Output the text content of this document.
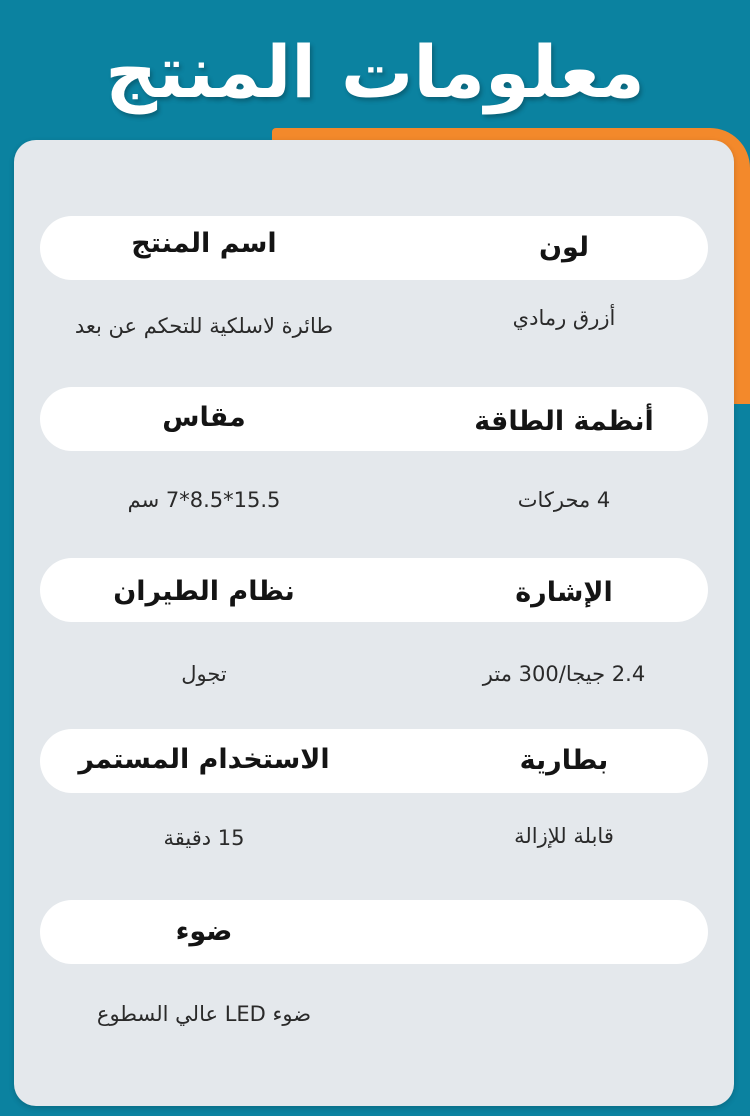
معلومات المنتج
لون
اسم المنتج
أزرق رمادي
طائرة لاسلكية للتحكم عن بعد
أنظمة الطاقة
مقاس
4 محركات
15.5*8.5*7 سم
الإشارة
نظام الطيران
2.4 جيجا/300 متر
تجول
بطارية
الاستخدام المستمر
قابلة للإزالة
15 دقيقة
ضوء
ضوء LED عالي السطوع
